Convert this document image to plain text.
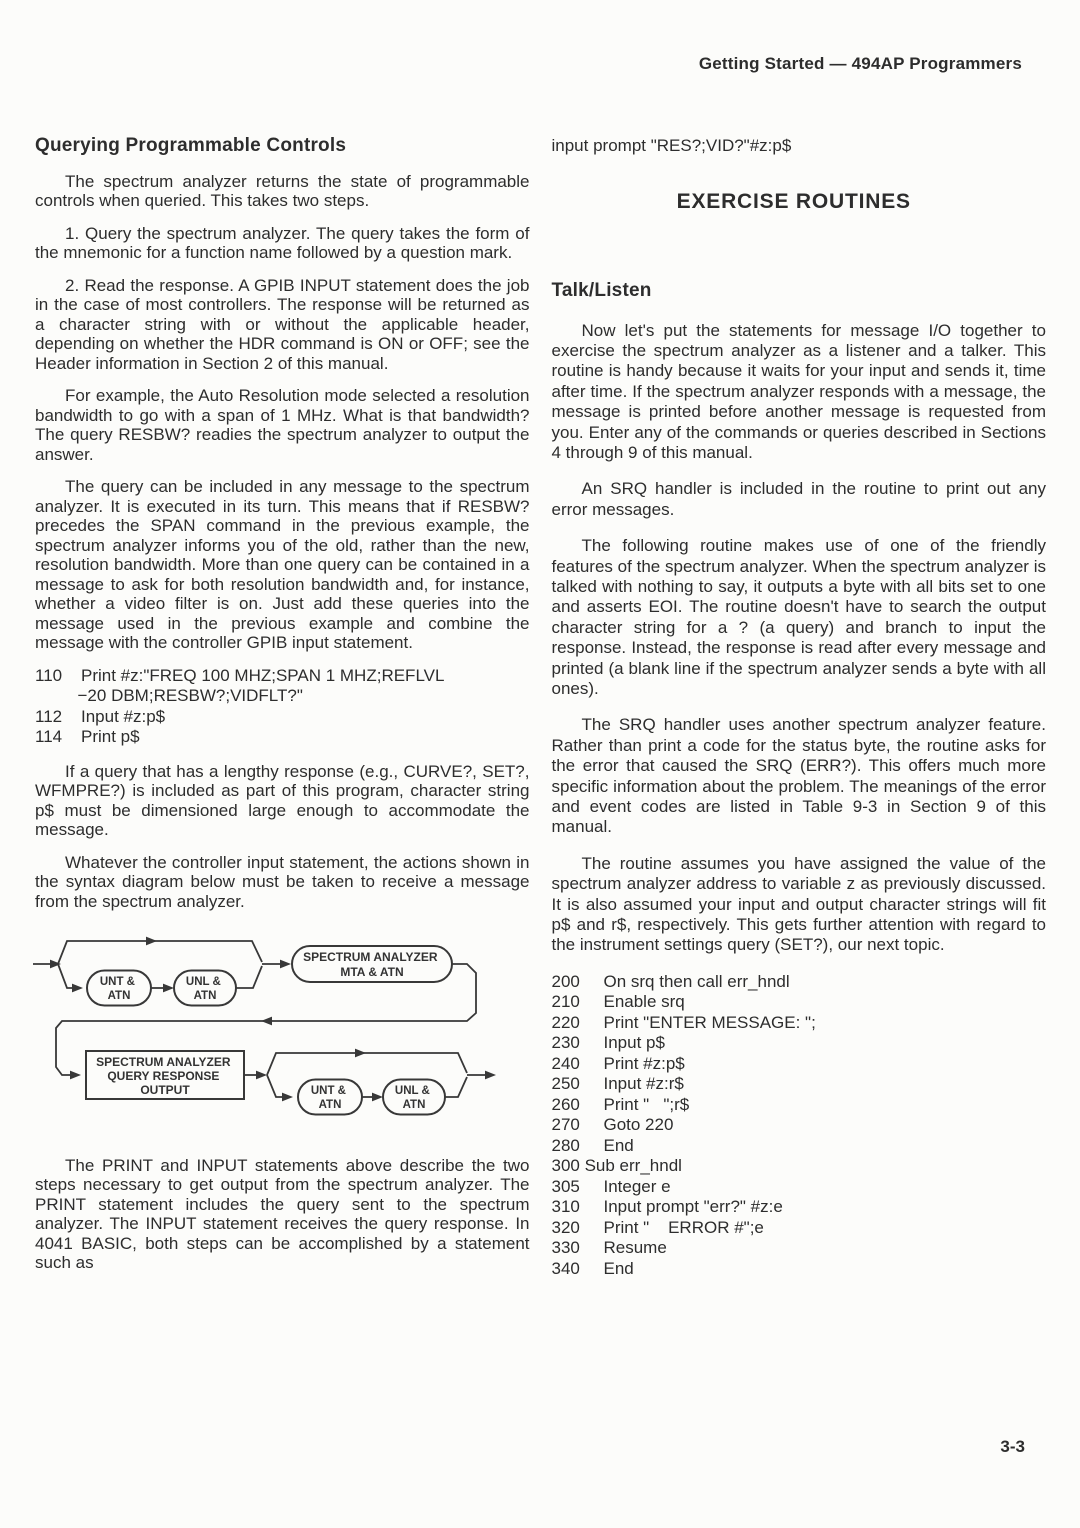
Getting Started — 494AP Programmers
Querying Programmable Controls
The spectrum analyzer returns the state of programmable controls when queried. This takes two steps.
1. Query the spectrum analyzer. The query takes the form of the mnemonic for a function name followed by a question mark.
2. Read the response. A GPIB INPUT statement does the job in the case of most controllers. The response will be returned as a character string with or without the applicable header, depending on whether the HDR command is ON or OFF; see the Header information in Section 2 of this manual.
For example, the Auto Resolution mode selected a resolution bandwidth to go with a span of 1 MHz. What is that bandwidth? The query RESBW? readies the spectrum analyzer to output the answer.
The query can be included in any message to the spectrum analyzer. It is executed in its turn. This means that if RESBW? precedes the SPAN command in the previous example, the spectrum analyzer informs you of the old, rather than the new, resolution bandwidth. More than one query can be contained in a message to ask for both resolution bandwidth and, for instance, whether a video filter is on. Just add these queries into the message used in the previous example and combine the message with the controller GPIB input statement.
110    Print #z:"FREQ 100 MHZ;SPAN 1 MHZ;REFLVL
−20 DBM;RESBW?;VIDFLT?"
112    Input #z:p$
114    Print p$
If a query that has a lengthy response (e.g., CURVE?, SET?, WFMPRE?) is included as part of this program, character string p$ must be dimensioned large enough to accommodate the message.
Whatever the controller input statement, the actions shown in the syntax diagram below must be taken to receive a message from the spectrum analyzer.
UNT & ATN
UNL & ATN
SPECTRUM ANALYZER MTA & ATN
SPECTRUM ANALYZER QUERY RESPONSE OUTPUT	UNT & ATN
UNL & ATN
The PRINT and INPUT statements above describe the two steps necessary to get output from the spectrum analyzer. The PRINT statement includes the query sent to the spectrum analyzer. The INPUT statement receives the query response. In 4041 BASIC, both steps can be accomplished by a statement such as
input prompt "RES?;VID?"#z:p$
EXERCISE ROUTINES
Talk/Listen
Now let's put the statements for message I/O together to exercise the spectrum analyzer as a listener and a talker. This routine is handy because it waits for your input and sends it, time after time. If the spectrum analyzer responds with a message, the message is printed before another message is requested from you. Enter any of the commands or queries described in Sections 4 through 9 of this manual.
An SRQ handler is included in the routine to print out any error messages.
The following routine makes use of one of the friendly features of the spectrum analyzer. When the spectrum analyzer is talked with nothing to say, it outputs a byte with all bits set to one and asserts EOI. The routine doesn't have to search the output character string for a ? (a query) and branch to input the response. Instead, the response is read after every message and printed (a blank line if the spectrum analyzer sends a byte with all ones).
The SRQ handler uses another spectrum analyzer feature. Rather than print a code for the status byte, the routine asks for the error that caused the SRQ (ERR?). This offers much more specific information about the problem. The meanings of the error and event codes are listed in Table 9-3 in Section 9 of this manual.
The routine assumes you have assigned the value of the spectrum analyzer address to variable z as previously discussed. It is also assumed your input and output character strings will fit p$ and r$, respectively. This gets further attention with regard to the instrument settings query (SET?), our next topic.
200     On srq then call err_hndl
210     Enable srq
220     Print "ENTER MESSAGE: ";
230     Input p$
240     Print #z:p$
250     Input #z:r$
260     Print "   ";r$
270     Goto 220
280     End
300 Sub err_hndl
305     Integer e
310     Input prompt "err?" #z:e
320     Print "    ERROR #";e
330     Resume
340     End
3-3
